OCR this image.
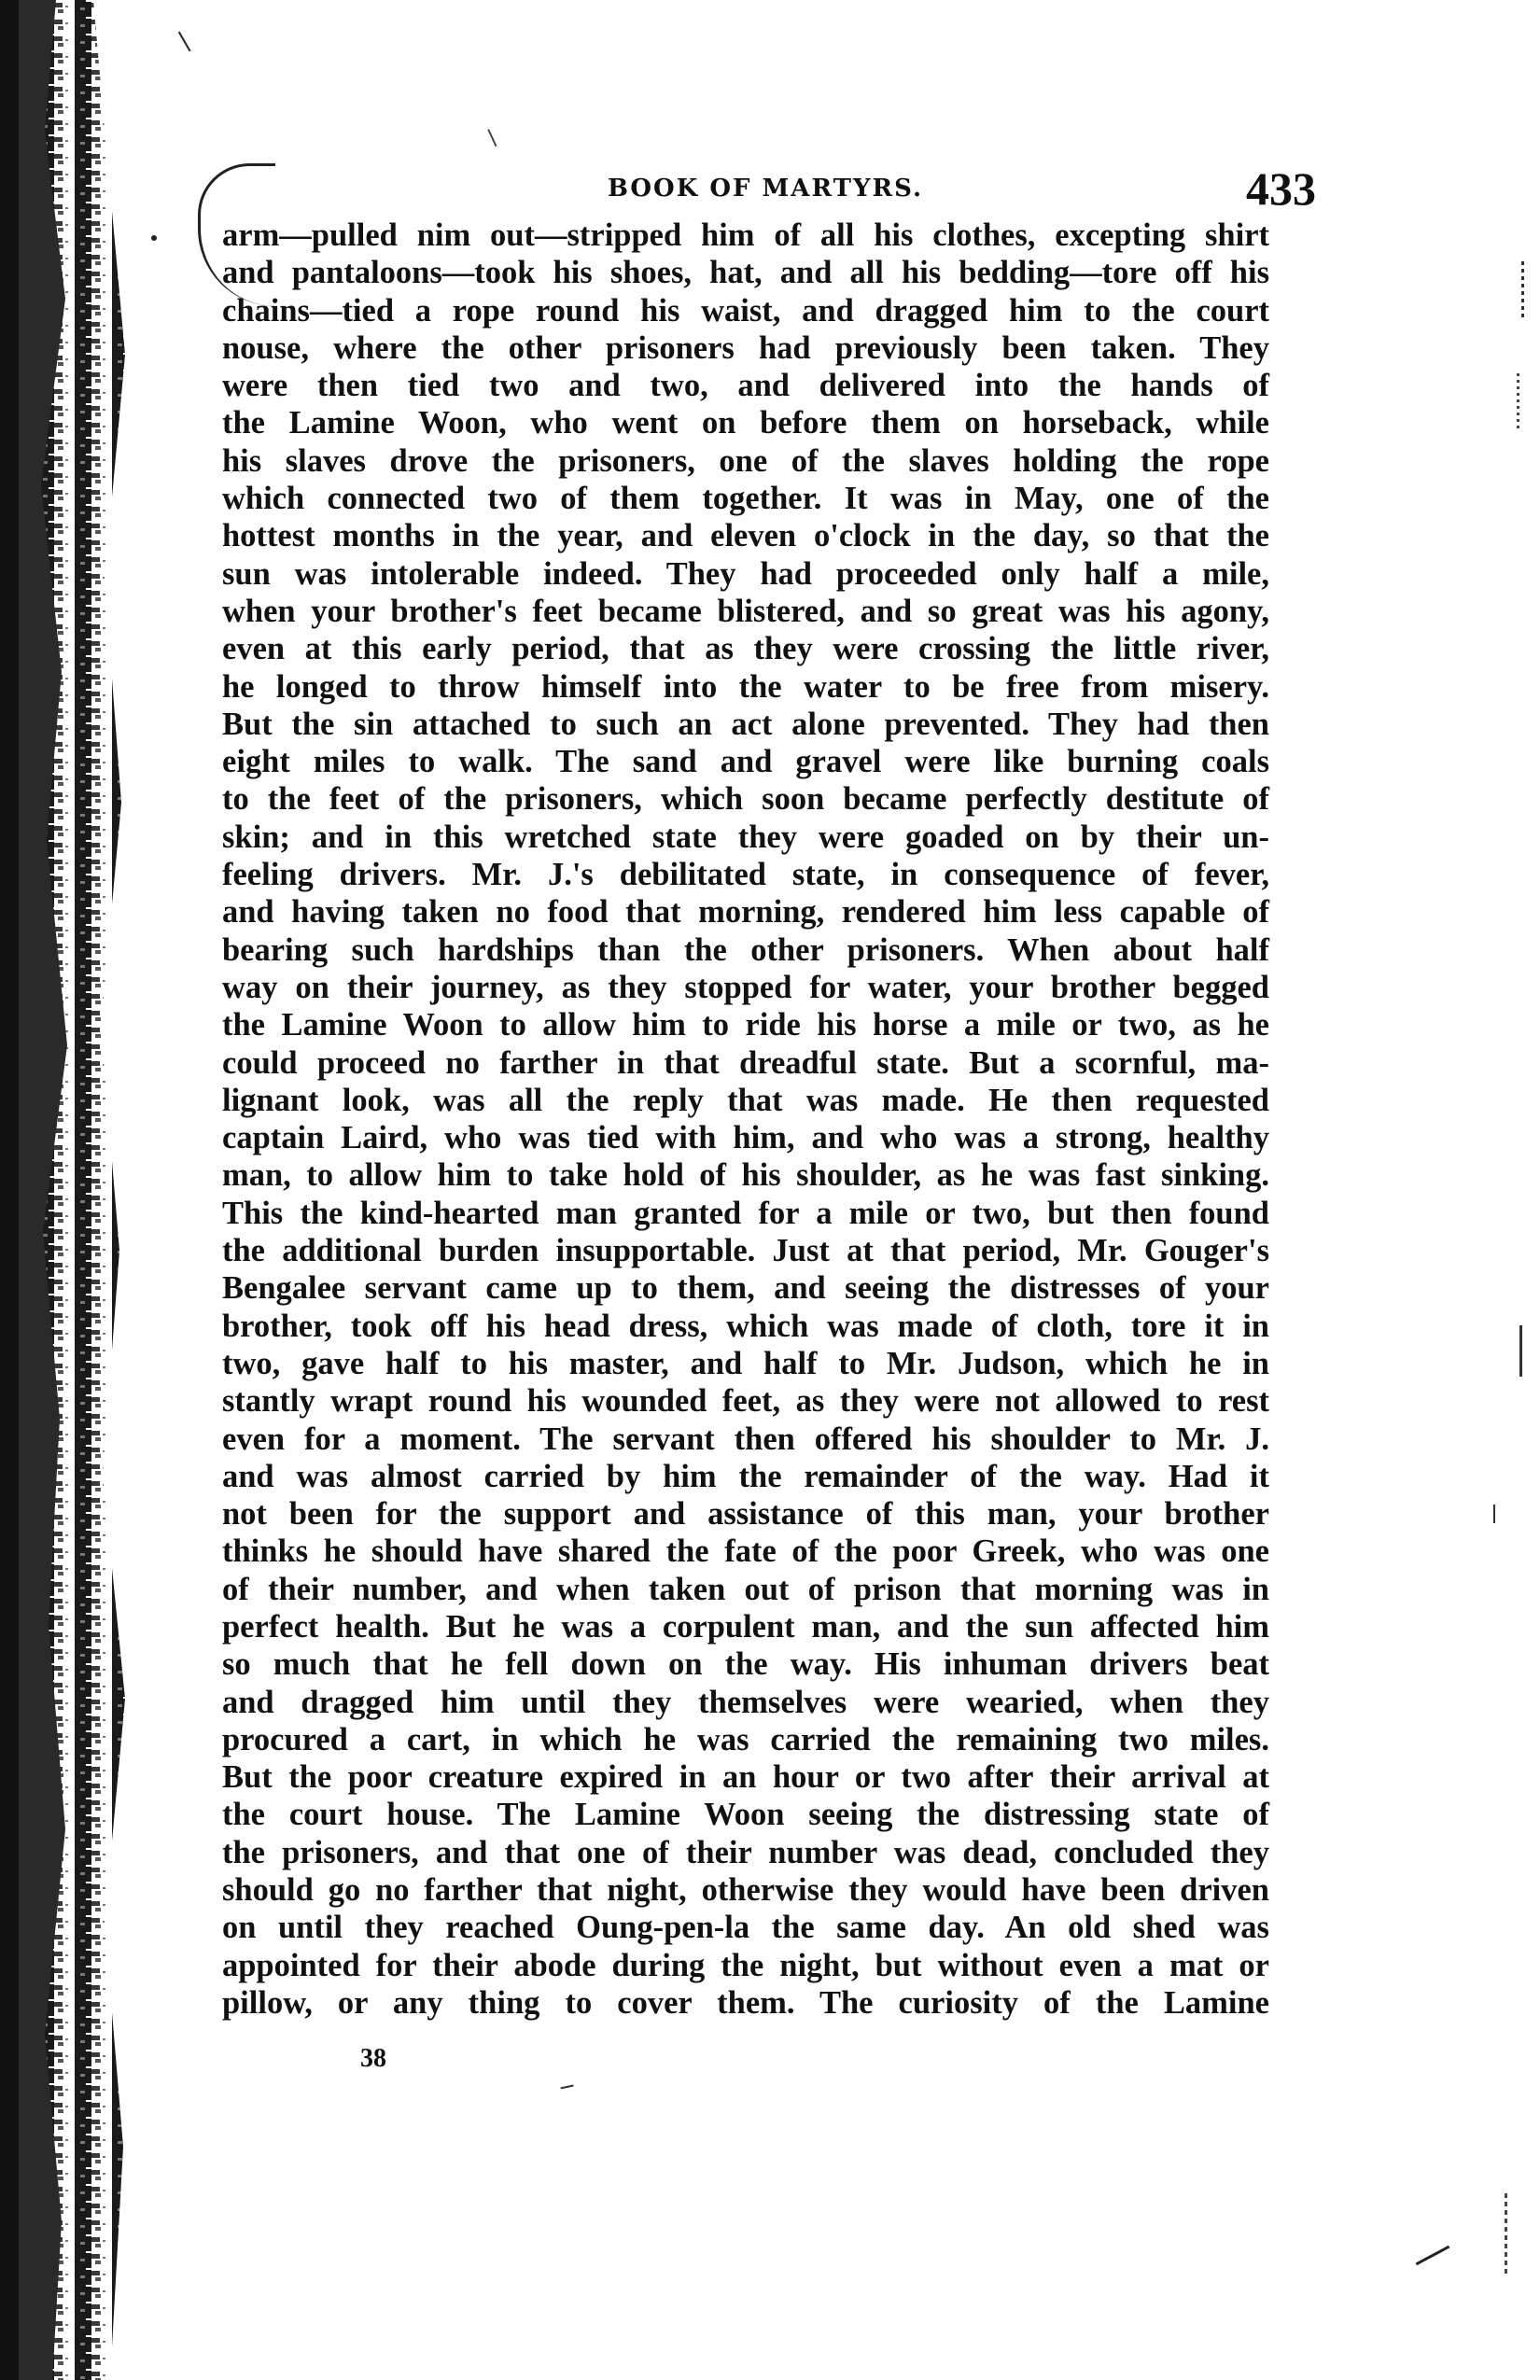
BOOK OF MARTYRS.	433
arm—pulled nim out—stripped him of all his clothes, excepting shirt
and pantaloons—took his shoes, hat, and all his bedding—tore off his
chains—tied a rope round his waist, and dragged him to the court
nouse, where the other prisoners had previously been taken. They
were then tied two and two, and delivered into the hands of
the Lamine Woon, who went on before them on horseback, while
his slaves drove the prisoners, one of the slaves holding the rope
which connected two of them together. It was in May, one of the
hottest months in the year, and eleven o'clock in the day, so that the
sun was intolerable indeed. They had proceeded only half a mile,
when your brother's feet became blistered, and so great was his agony,
even at this early period, that as they were crossing the little river,
he longed to throw himself into the water to be free from misery.
But the sin attached to such an act alone prevented. They had then
eight miles to walk. The sand and gravel were like burning coals
to the feet of the prisoners, which soon became perfectly destitute of
skin; and in this wretched state they were goaded on by their un-
feeling drivers. Mr. J.'s debilitated state, in consequence of fever,
and having taken no food that morning, rendered him less capable of
bearing such hardships than the other prisoners. When about half
way on their journey, as they stopped for water, your brother begged
the Lamine Woon to allow him to ride his horse a mile or two, as he
could proceed no farther in that dreadful state. But a scornful, ma-
lignant look, was all the reply that was made. He then requested
captain Laird, who was tied with him, and who was a strong, healthy
man, to allow him to take hold of his shoulder, as he was fast sinking.
This the kind-hearted man granted for a mile or two, but then found
the additional burden insupportable. Just at that period, Mr. Gouger's
Bengalee servant came up to them, and seeing the distresses of your
brother, took off his head dress, which was made of cloth, tore it in
two, gave half to his master, and half to Mr. Judson, which he in
stantly wrapt round his wounded feet, as they were not allowed to rest
even for a moment. The servant then offered his shoulder to Mr. J.
and was almost carried by him the remainder of the way. Had it
not been for the support and assistance of this man, your brother
thinks he should have shared the fate of the poor Greek, who was one
of their number, and when taken out of prison that morning was in
perfect health. But he was a corpulent man, and the sun affected him
so much that he fell down on the way. His inhuman drivers beat
and dragged him until they themselves were wearied, when they
procured a cart, in which he was carried the remaining two miles.
But the poor creature expired in an hour or two after their arrival at
the court house. The Lamine Woon seeing the distressing state of
the prisoners, and that one of their number was dead, concluded they
should go no farther that night, otherwise they would have been driven
on until they reached Oung-pen-la the same day. An old shed was
appointed for their abode during the night, but without even a mat or
pillow, or any thing to cover them. The curiosity of the Lamine
38
